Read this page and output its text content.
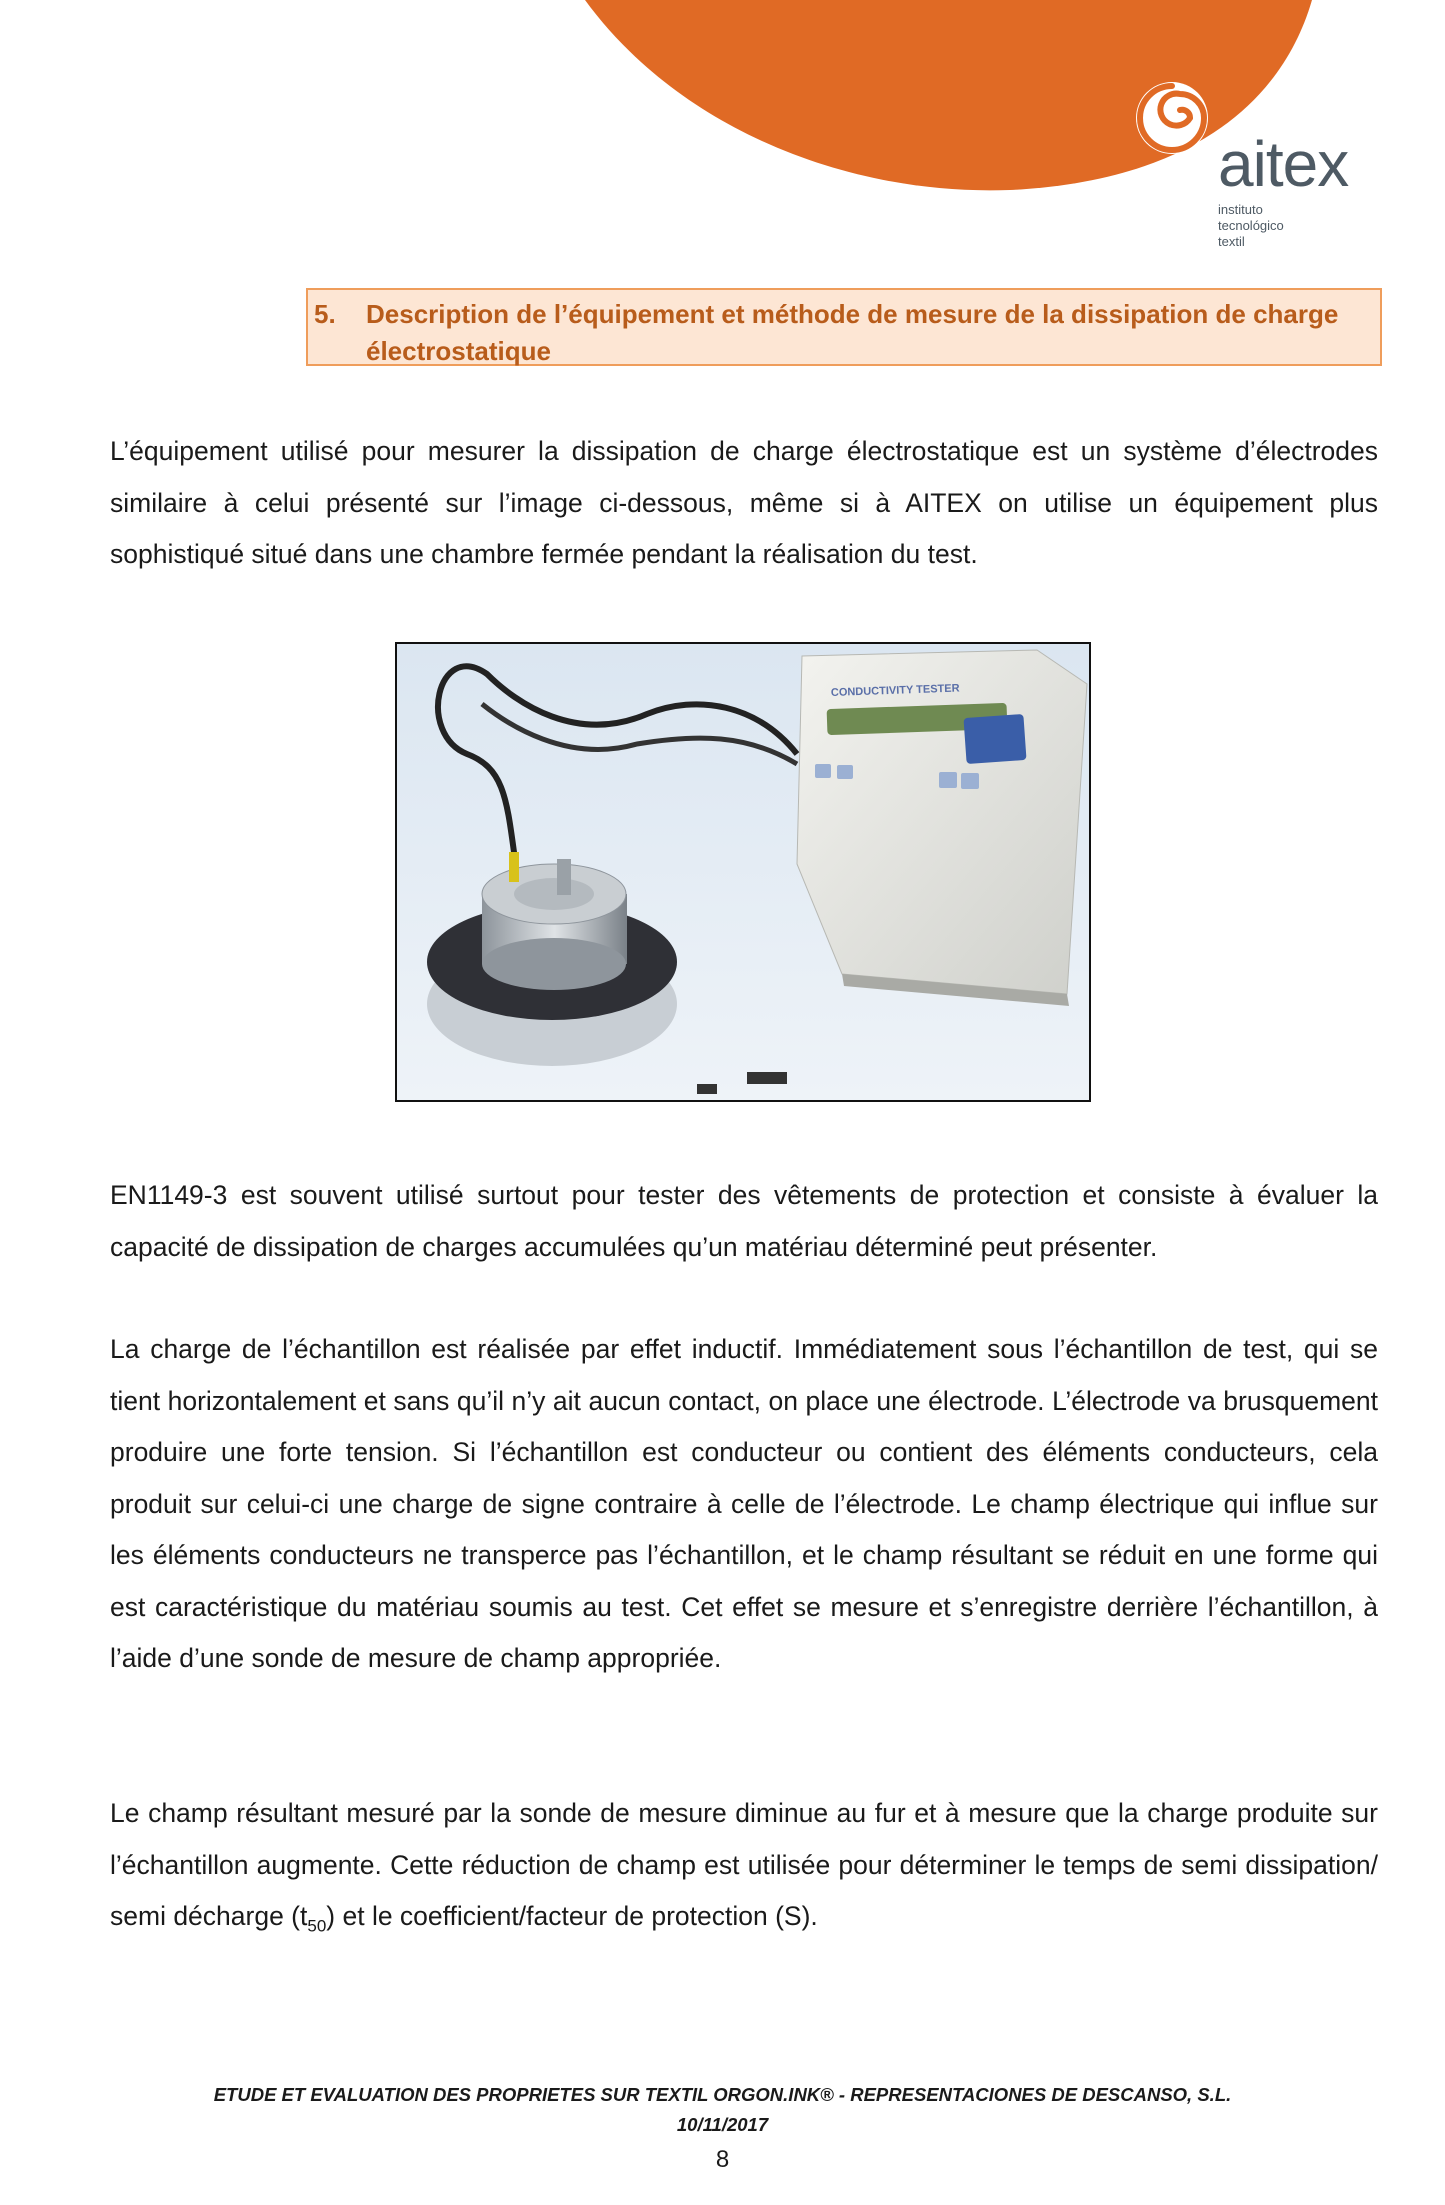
aitex
instituto
tecnológico
textil
5.	Description de l’équipement et méthode de mesure de la dissipation de charge électrostatique

L’équipement utilisé pour mesurer la dissipation de charge électrostatique est un système d’électrodes similaire à celui présenté sur l’image ci-dessous, même si à AITEX on utilise un équipement plus sophistiqué situé dans une chambre fermée pendant la réalisation du test.

CONDUCTIVITY TESTER

EN1149-3 est souvent utilisé surtout pour tester des vêtements de protection et consiste à évaluer la capacité de dissipation de charges accumulées qu’un matériau déterminé peut présenter.

La charge de l’échantillon est réalisée par effet inductif. Immédiatement sous l’échantillon de test, qui se tient horizontalement et sans qu’il n’y ait aucun contact, on place une électrode. L’électrode va brusquement produire une forte tension. Si l’échantillon est conducteur ou contient des éléments conducteurs, cela produit sur celui-ci une charge de signe contraire à celle de l’électrode. Le champ électrique qui influe sur les éléments conducteurs ne transperce pas l’échantillon, et le champ résultant se réduit en une forme qui est caractéristique du matériau soumis au test. Cet effet se mesure et s’enregistre derrière l’échantillon, à l’aide d’une sonde de mesure de champ appropriée.

Le champ résultant mesuré par la sonde de mesure diminue au fur et à mesure que la charge produite sur l’échantillon augmente. Cette réduction de champ est utilisée pour déterminer le temps de semi dissipation/ semi décharge $(t_{50})$ et le coefficient/facteur de protection (S).

ETUDE ET EVALUATION DES PROPRIETES SUR TEXTIL ORGON.INK® - REPRESENTACIONES DE DESCANSO, S.L.
10/11/2017
8
